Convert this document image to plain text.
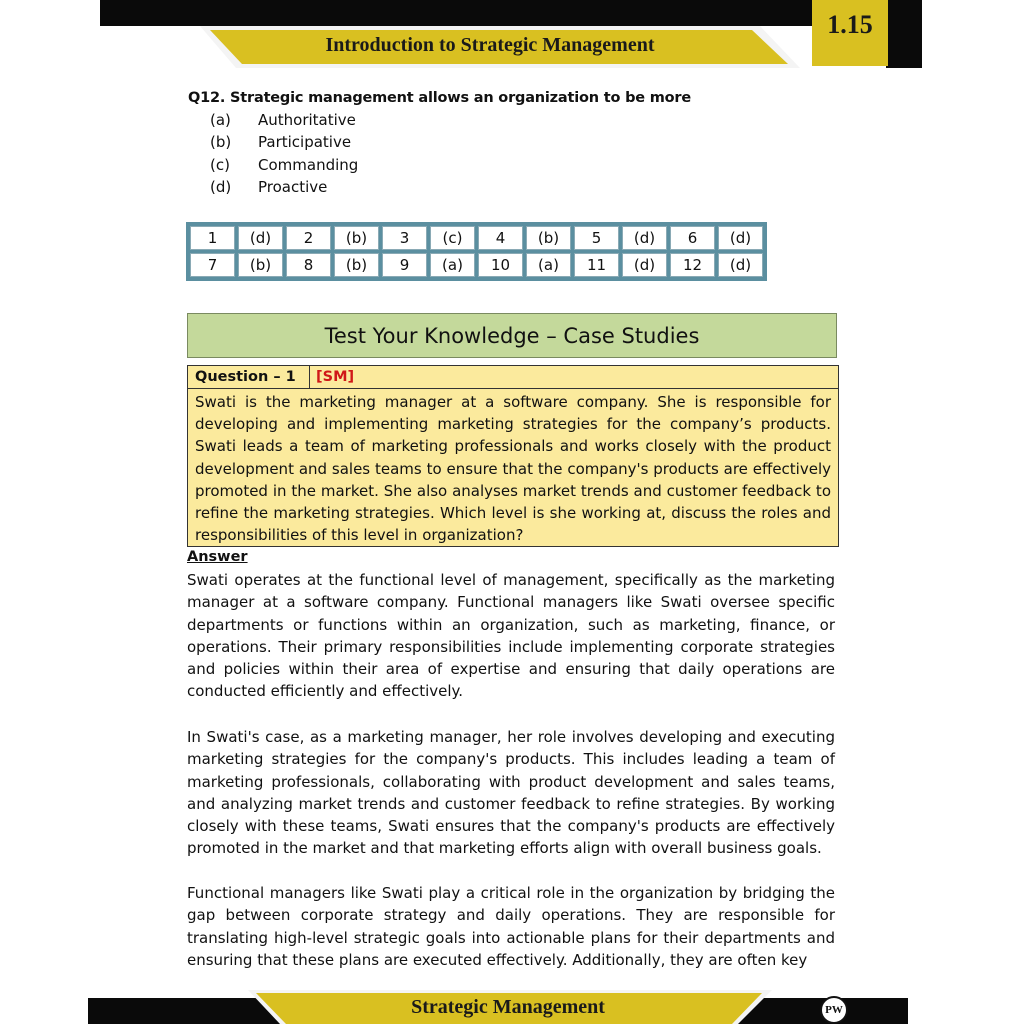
Introduction to Strategic Management
1.15
Q12. Strategic management allows an organization to be more
(a)	Authoritative
(b)	Participative
(c)	Commanding
(d)	Proactive
1	(d)	2	(b)	3	(c)	4	(b)	5	(d)	6	(d)
7	(b)	8	(b)	9	(a)	10	(a)	11	(d)	12	(d)
Test Your Knowledge – Case Studies
Question – 1	[SM]
Swati is the marketing manager at a software company. She is responsible for developing and implementing marketing strategies for the company’s products. Swati leads a team of marketing professionals and works closely with the product development and sales teams to ensure that the company's products are effectively promoted in the market. She also analyses market trends and customer feedback to refine the marketing strategies. Which level is she working at, discuss the roles and responsibilities of this level in organization?
Answer

Swati operates at the functional level of management, specifically as the marketing manager at a software company. Functional managers like Swati oversee specific departments or functions within an organization, such as marketing, finance, or operations. Their primary responsibilities include implementing corporate strategies and policies within their area of expertise and ensuring that daily operations are conducted efficiently and effectively.

In Swati's case, as a marketing manager, her role involves developing and executing marketing strategies for the company's products. This includes leading a team of marketing professionals, collaborating with product development and sales teams, and analyzing market trends and customer feedback to refine strategies. By working closely with these teams, Swati ensures that the company's products are effectively promoted in the market and that marketing efforts align with overall business goals.

Functional managers like Swati play a critical role in the organization by bridging the gap between corporate strategy and daily operations. They are responsible for translating high-level strategic goals into actionable plans for their departments and ensuring that these plans are executed effectively. Additionally, they are often key

Strategic Management	PW
